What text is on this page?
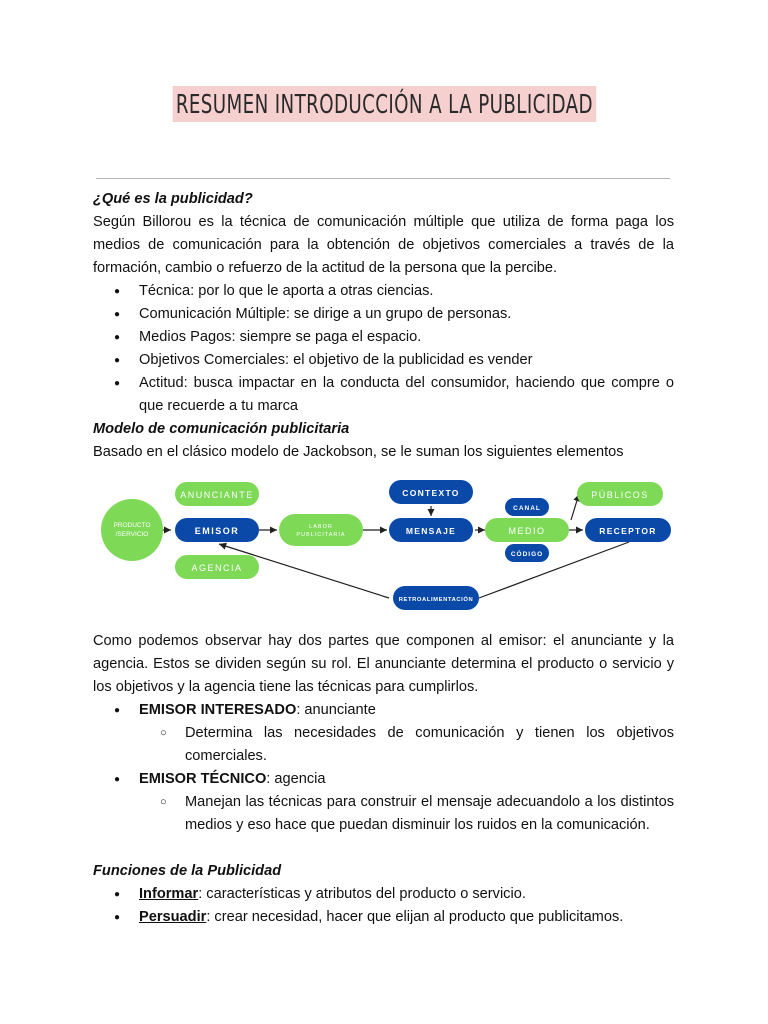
RESUMEN INTRODUCCIÓN A LA PUBLICIDAD

¿Qué es la publicidad?

Según Billorou es la técnica de comunicación múltiple que utiliza de forma paga los medios de comunicación para la obtención de objetivos comerciales a través de la formación, cambio o refuerzo de la actitud de la persona que la percibe.

● Técnica: por lo que le aporta a otras ciencias.
● Comunicación Múltiple: se dirige a un grupo de personas.
● Medios Pagos: siempre se paga el espacio.
● Objetivos Comerciales: el objetivo de la publicidad es vender
● Actitud: busca impactar en la conducta del consumidor, haciendo que compre o que recuerde a tu marca

Modelo de comunicación publicitaria

Basado en el clásico modelo de Jackobson, se le suman los siguientes elementos

PRODUCTO
/SERVICIO
ANUNCIANTE
EMISOR
AGENCIA
LABOR
PUBLICITARIA
CONTEXTO
MENSAJE
CANAL
MEDIO
CÓDIGO
PÚBLICOS
RECEPTOR
RETROALIMENTACIÓN

Como podemos observar hay dos partes que componen al emisor: el anunciante y la agencia. Estos se dividen según su rol. El anunciante determina el producto o servicio y los objetivos y la agencia tiene las técnicas para cumplirlos.

● EMISOR INTERESADO: anunciante
○ Determina las necesidades de comunicación y tienen los objetivos comerciales.
● EMISOR TÉCNICO: agencia
○ Manejan las técnicas para construir el mensaje adecuandolo a los distintos medios y eso hace que puedan disminuir los ruidos en la comunicación.

Funciones de la Publicidad

● Informar: características y atributos del producto o servicio.
● Persuadir: crear necesidad, hacer que elijan al producto que publicitamos.
